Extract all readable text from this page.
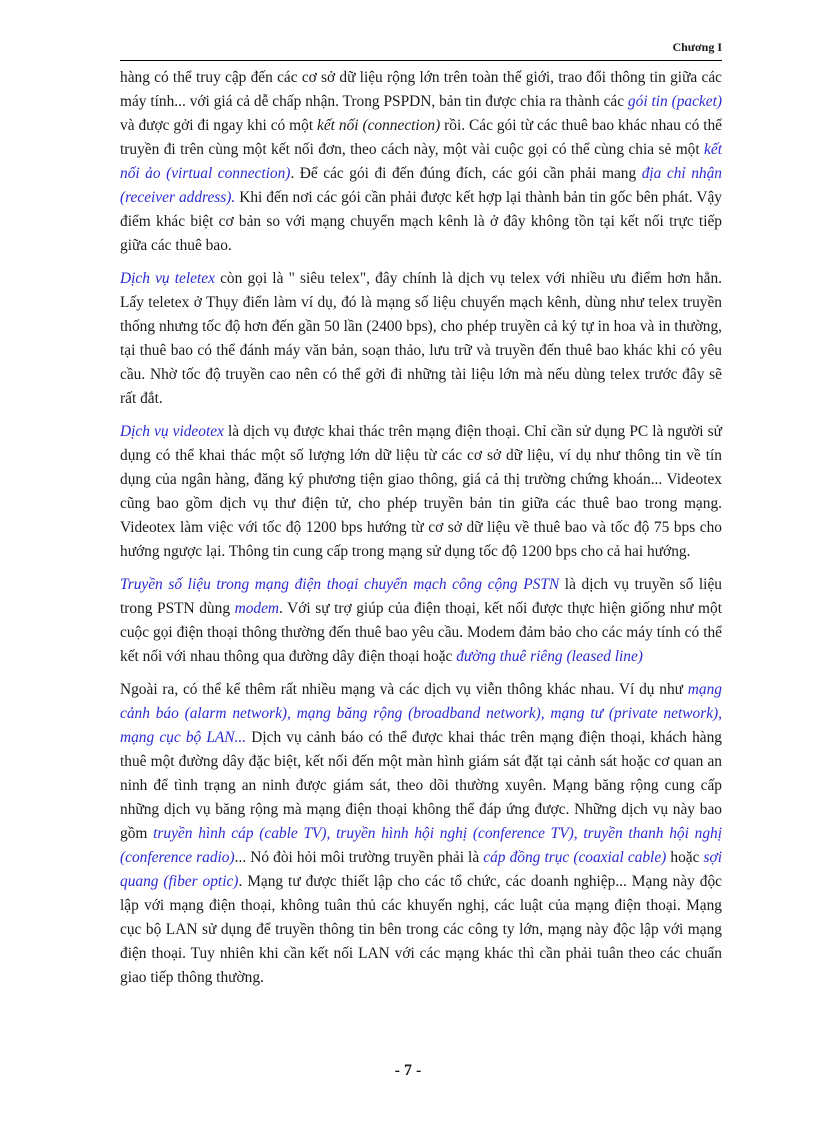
Chương I

hàng có thể truy cập đến các cơ sở dữ liệu rộng lớn trên toàn thế giới, trao đổi thông tin giữa các máy tính... với giá cả dễ chấp nhận. Trong PSPDN, bản tin được chia ra thành các gói tin (packet) và được gởi đi ngay khi có một kết nối (connection) rồi. Các gói từ các thuê bao khác nhau có thể truyền đi trên cùng một kết nối đơn, theo cách này, một vài cuộc gọi có thể cùng chia sẻ một kết nối ảo (virtual connection). Để các gói đi đến đúng đích, các gói cần phải mang địa chỉ nhận (receiver address). Khi đến nơi các gói cần phải được kết hợp lại thành bản tin gốc bên phát. Vậy điểm khác biệt cơ bản so với mạng chuyển mạch kênh là ở đây không tồn tại kết nối trực tiếp giữa các thuê bao.

Dịch vụ teletex còn gọi là " siêu telex", đây chính là dịch vụ telex với nhiều ưu điểm hơn hẳn. Lấy teletex ở Thụy điển làm ví dụ, đó là mạng số liệu chuyển mạch kênh, dùng như telex truyền thống nhưng tốc độ hơn đến gần 50 lần (2400 bps), cho phép truyền cả ký tự in hoa và in thường, tại thuê bao có thể đánh máy văn bản, soạn thảo, lưu trữ và truyền đến thuê bao khác khi có yêu cầu. Nhờ tốc độ truyền cao nên có thể gởi đi những tài liệu lớn mà nếu dùng telex trước đây sẽ rất đắt.

Dịch vụ videotex là dịch vụ được khai thác trên mạng điện thoại. Chỉ cần sử dụng PC là người sử dụng có thể khai thác một số lượng lớn dữ liệu từ các cơ sở dữ liệu, ví dụ như thông tin về tín dụng của ngân hàng, đăng ký phương tiện giao thông, giá cả thị trường chứng khoán... Videotex cũng bao gồm dịch vụ thư điện tử, cho phép truyền bản tin giữa các thuê bao trong mạng. Videotex làm việc với tốc độ 1200 bps hướng từ cơ sở dữ liệu về thuê bao và tốc độ 75 bps cho hướng ngược lại. Thông tin cung cấp trong mạng sử dụng tốc độ 1200 bps cho cả hai hướng.

Truyền số liệu trong mạng điện thoại chuyển mạch công cộng PSTN là dịch vụ truyền số liệu trong PSTN dùng modem. Với sự trợ giúp của điện thoại, kết nối được thực hiện giống như một cuộc gọi điện thoại thông thường đến thuê bao yêu cầu. Modem đảm bảo cho các máy tính có thể kết nối với nhau thông qua đường dây điện thoại hoặc đường thuê riêng (leased line)

Ngoài ra, có thể kể thêm rất nhiều mạng và các dịch vụ viễn thông khác nhau. Ví dụ như mạng cảnh báo (alarm network), mạng băng rộng (broadband network), mạng tư (private network), mạng cục bộ LAN... Dịch vụ cảnh báo có thể được khai thác trên mạng điện thoại, khách hàng thuê một đường dây đặc biệt, kết nối đến một màn hình giám sát đặt tại cảnh sát hoặc cơ quan an ninh để tình trạng an ninh được giám sát, theo dõi thường xuyên. Mạng băng rộng cung cấp những dịch vụ băng rộng mà mạng điện thoại không thể đáp ứng được. Những dịch vụ này bao gồm truyền hình cáp (cable TV), truyền hình hội nghị (conference TV), truyền thanh hội nghị (conference radio)... Nó đòi hỏi môi trường truyền phải là cáp đồng trục (coaxial cable) hoặc sợi quang (fiber optic). Mạng tư được thiết lập cho các tổ chức, các doanh nghiệp... Mạng này độc lập với mạng điện thoại, không tuân thủ các khuyến nghị, các luật của mạng điện thoại. Mạng cục bộ LAN sử dụng để truyền thông tin bên trong các công ty lớn, mạng này độc lập với mạng điện thoại. Tuy nhiên khi cần kết nối LAN với các mạng khác thì cần phải tuân theo các chuẩn giao tiếp thông thường.

- 7 -
